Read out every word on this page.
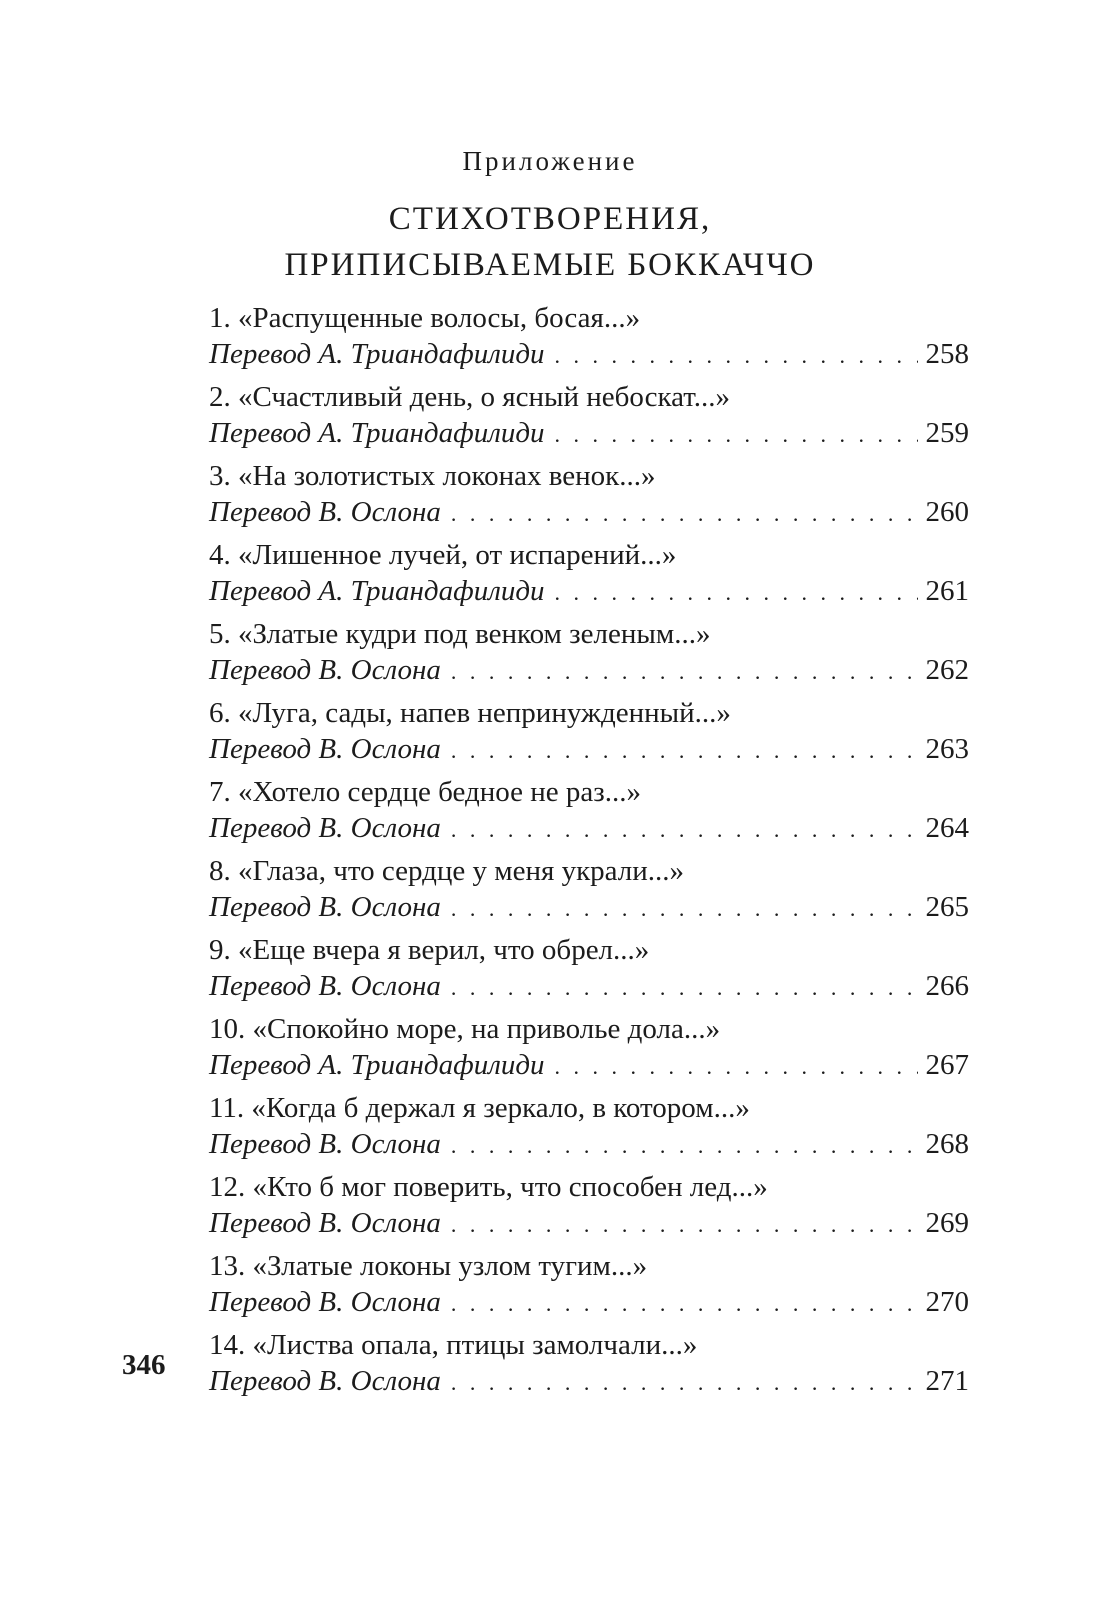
Приложение
СТИХОТВОРЕНИЯ,
ПРИПИСЫВАЕМЫЕ БОККАЧЧО
1. «Распущенные волосы, босая...»
Перевод А. Триандафилиди . . .	258
2. «Счастливый день, о ясный небоскат...»
Перевод А. Триандафилиди . . .	259
3. «На золотистых локонах венок...»
Перевод В. Ослона . . .	260
4. «Лишенное лучей, от испарений...»
Перевод А. Триандафилиди . . .	261
5. «Златые кудри под венком зеленым...»
Перевод В. Ослона . . .	262
6. «Луга, сады, напев непринужденный...»
Перевод В. Ослона . . .	263
7. «Хотело сердце бедное не раз...»
Перевод В. Ослона . . .	264
8. «Глаза, что сердце у меня украли...»
Перевод В. Ослона . . .	265
9. «Еще вчера я верил, что обрел...»
Перевод В. Ослона . . .	266
10. «Спокойно море, на приволье дола...»
Перевод А. Триандафилиди . . .	267
11. «Когда б держал я зеркало, в котором...»
Перевод В. Ослона . . .	268
12. «Кто б мог поверить, что способен лед...»
Перевод В. Ослона . . .	269
13. «Златые локоны узлом тугим...»
Перевод В. Ослона . . .	270
14. «Листва опала, птицы замолчали...»
Перевод В. Ослона . . .	271
346
